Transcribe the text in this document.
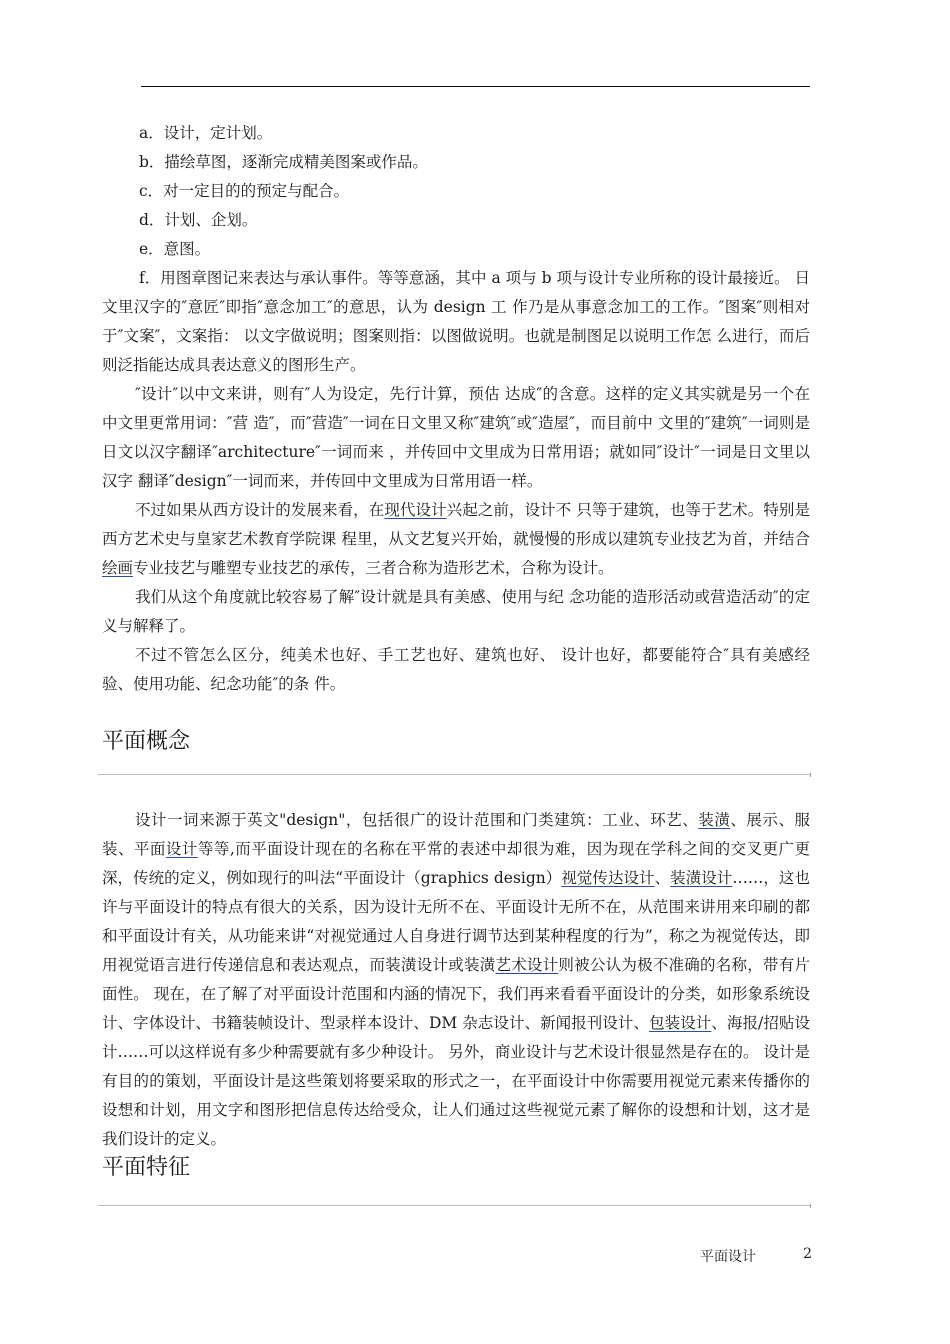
a．设计，定计划。

b．描绘草图，逐渐完成精美图案或作品。

c．对一定目的的预定与配合。

d．计划、企划。

e．意图。

f．用图章图记来表达与承认事件。等等意涵，其中 a 项与 b 项与设计专业所称的设计最接近。 日文里汉字的″意匠″即指″意念加工″的意思，认为 design 工 作乃是从事意念加工的工作。″图案″则相对于″文案″，文案指： 以文字做说明；图案则指：以图做说明。也就是制图足以说明工作怎 么进行，而后则泛指能达成具表达意义的图形生产。

″设计″以中文来讲，则有″人为设定，先行计算，预估 达成″的含意。这样的定义其实就是另一个在中文里更常用词：″营 造″，而″营造″一词在日文里又称″建筑″或″造屋″，而目前中 文里的″建筑″一词则是日文以汉字翻译″architecture″一词而来 ，并传回中文里成为日常用语；就如同″设计″一词是日文里以汉字 翻译″design″一词而来，并传回中文里成为日常用语一样。

不过如果从西方设计的发展来看，在现代设计兴起之前，设计不 只等于建筑，也等于艺术。特别是西方艺术史与皇家艺术教育学院课 程里，从文艺复兴开始，就慢慢的形成以建筑专业技艺为首，并结合 绘画专业技艺与雕塑专业技艺的承传，三者合称为造形艺术，合称为设计。

我们从这个角度就比较容易了解″设计就是具有美感、使用与纪 念功能的造形活动或营造活动″的定义与解释了。

不过不管怎么区分，纯美术也好、手工艺也好、建筑也好、 设计也好，都要能符合″具有美感经验、使用功能、纪念功能″的条 件。

平面概念

设计一词来源于英文"design"，包括很广的设计范围和门类建筑：工业、环艺、装潢、展示、服装、平面设计等等,而平面设计现在的名称在平常的表述中却很为难，因为现在学科之间的交叉更广更深，传统的定义，例如现行的叫法“平面设计（graphics design）视觉传达设计、装潢设计……，这也许与平面设计的特点有很大的关系，因为设计无所不在、平面设计无所不在，从范围来讲用来印刷的都和平面设计有关，从功能来讲“对视觉通过人自身进行调节达到某种程度的行为”，称之为视觉传达，即用视觉语言进行传递信息和表达观点，而装潢设计或装潢艺术设计则被公认为极不准确的名称，带有片面性。 现在，在了解了对平面设计范围和内涵的情况下，我们再来看看平面设计的分类，如形象系统设计、字体设计、书籍装帧设计、型录样本设计、DM 杂志设计、新闻报刊设计、包装设计、海报/招贴设计……可以这样说有多少种需要就有多少种设计。 另外，商业设计与艺术设计很显然是存在的。 设计是有目的的策划，平面设计是这些策划将要采取的形式之一，在平面设计中你需要用视觉元素来传播你的设想和计划，用文字和图形把信息传达给受众，让人们通过这些视觉元素了解你的设想和计划，这才是我们设计的定义。

平面特征
平面设计	2
